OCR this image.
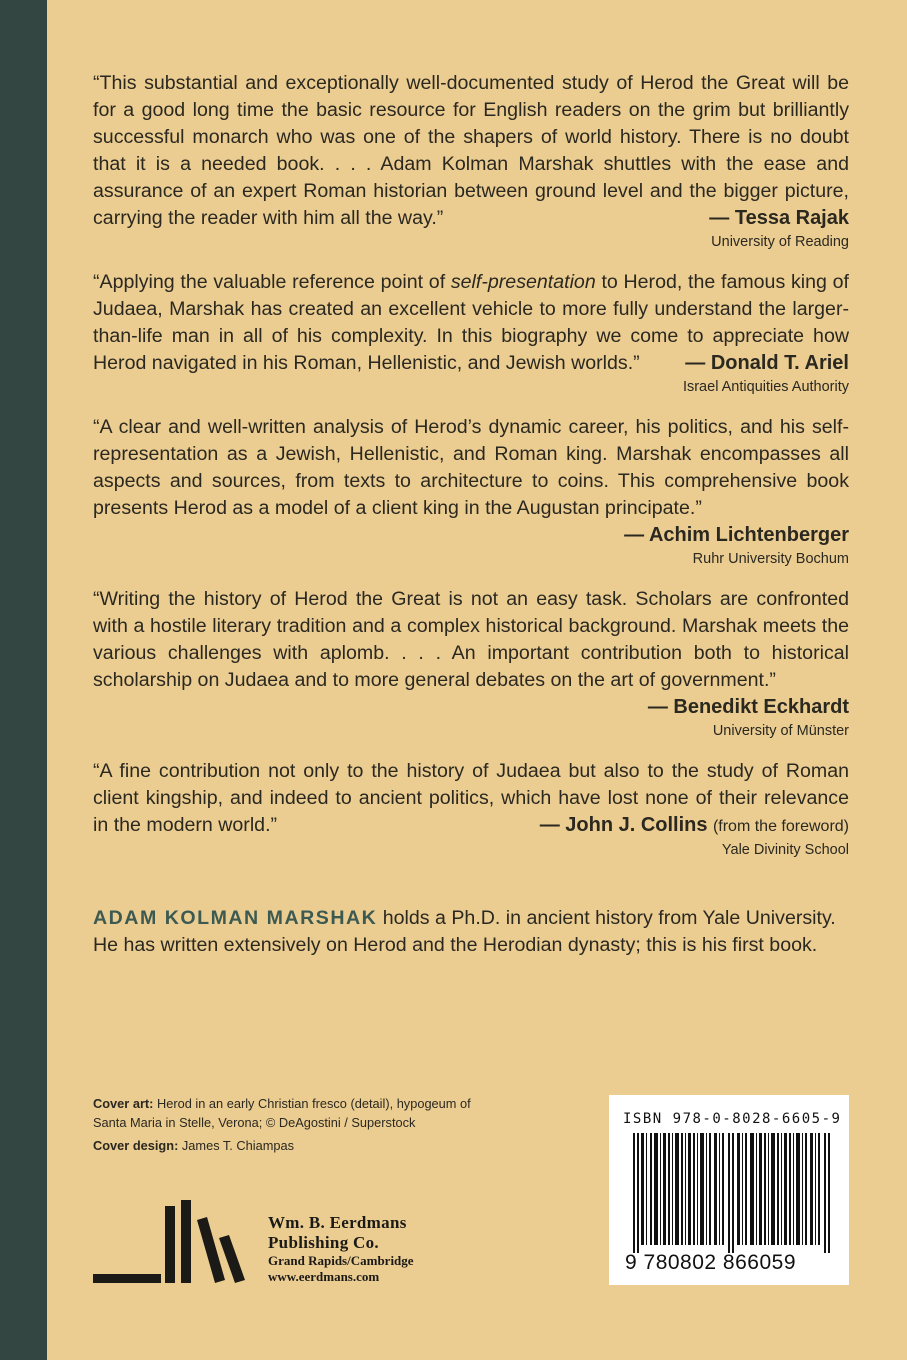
“This substantial and exceptionally well-documented study of Herod the Great will be for a good long time the basic resource for English readers on the grim but brilliantly successful monarch who was one of the shapers of world history. There is no doubt that it is a needed book. . . . Adam Kolman Marshak shuttles with the ease and assurance of an expert Roman historian between ground level and the bigger picture, carrying the reader with him all the way.”	— Tessa Rajak

University of Reading

“Applying the valuable reference point of self-presentation to Herod, the famous king of Judaea, Marshak has created an excellent vehicle to more fully understand the larger-than-life man in all of his complexity. In this biography we come to appreciate how Herod navigated in his Roman, Hellenistic, and Jewish worlds.” — Donald T. Ariel

Israel Antiquities Authority

“A clear and well-written analysis of Herod’s dynamic career, his politics, and his self-representation as a Jewish, Hellenistic, and Roman king. Marshak encompasses all aspects and sources, from texts to architecture to coins. This comprehensive book presents Herod as a model of a client king in the Augustan principate.”
— Achim Lichtenberger

Ruhr University Bochum

“Writing the history of Herod the Great is not an easy task. Scholars are confronted with a hostile literary tradition and a complex historical background. Marshak meets the various challenges with aplomb. . . . An important contribution both to historical scholarship on Judaea and to more general debates on the art of government.”
— Benedikt Eckhardt

University of Münster

“A fine contribution not only to the history of Judaea but also to the study of Roman client kingship, and indeed to ancient politics, which have lost none of their relevance in the modern world.”	— John J. Collins (from the foreword)

Yale Divinity School

ADAM KOLMAN MARSHAK holds a Ph.D. in ancient history from Yale University. He has written extensively on Herod and the Herodian dynasty; this is his first book.

Cover art: Herod in an early Christian fresco (detail), hypogeum of Santa Maria in Stelle, Verona; © DeAgostini / Superstock

Cover design: James T. Chiampas

ISBN 978-0-8028-6605-9
9 780802 866059
Wm. B. Eerdmans
Publishing Co.
Grand Rapids/Cambridge
www.eerdmans.com
